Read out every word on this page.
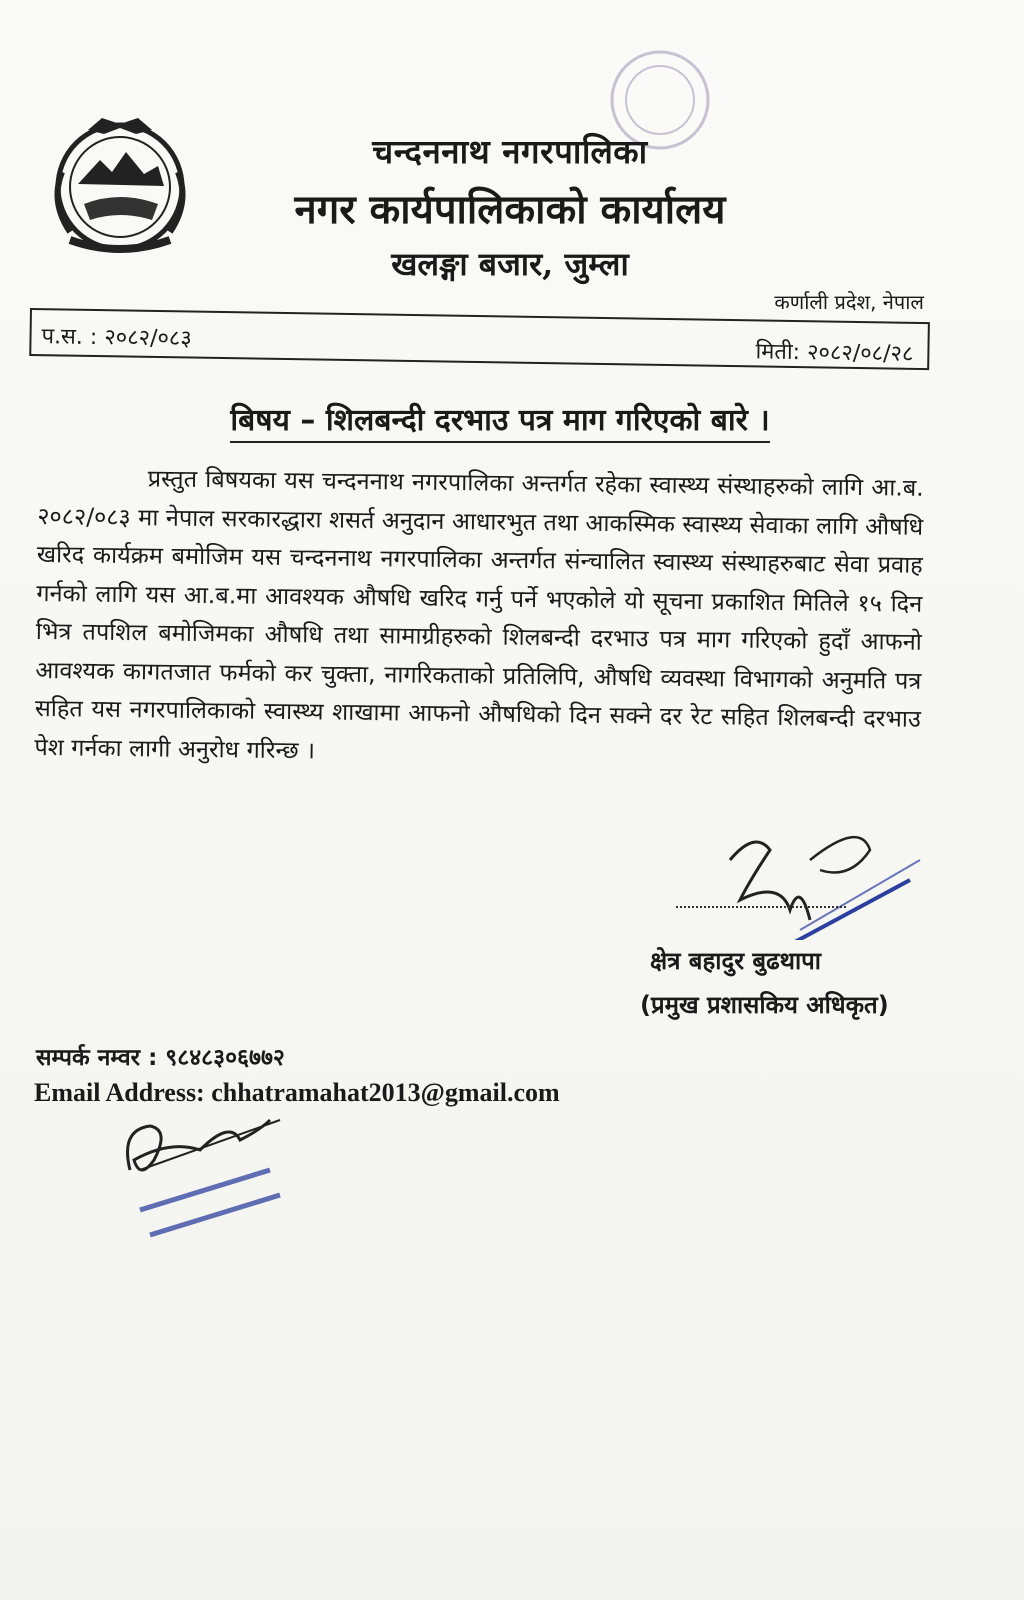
चन्दननाथ नगरपालिका
नगर कार्यपालिकाको कार्यालय
खलङ्गा बजार, जुम्ला
कर्णाली प्रदेश, नेपाल
प.स. : २०८२/०८३
मिती: २०८२/०८/२८
बिषय – शिलबन्दी दरभाउ पत्र माग गरिएको बारे ।
प्रस्तुत बिषयका यस चन्दननाथ नगरपालिका अन्तर्गत रहेका स्वास्थ्य संस्थाहरुको लागि आ.ब. २०८२/०८३ मा नेपाल सरकारद्धारा शसर्त अनुदान आधारभुत तथा आकस्मिक स्वास्थ्य सेवाका लागि औषधि खरिद कार्यक्रम बमोजिम यस चन्दननाथ नगरपालिका अन्तर्गत संन्चालित स्वास्थ्य संस्थाहरुबाट सेवा प्रवाह गर्नको लागि यस आ.ब.मा आवश्यक औषधि खरिद गर्नु पर्ने भएकोले यो सूचना प्रकाशित मितिले १५ दिन भित्र तपशिल बमोजिमका औषधि तथा सामाग्रीहरुको शिलबन्दी दरभाउ पत्र माग गरिएको हुदाँ आफनो आवश्यक कागतजात फर्मको कर चुक्ता, नागरिकताको प्रतिलिपि, औषधि व्यवस्था विभागको अनुमति पत्र सहित यस नगरपालिकाको स्वास्थ्य शाखामा आफनो औषधिको दिन सक्ने दर रेट सहित शिलबन्दी दरभाउ पेश गर्नका लागी अनुरोध गरिन्छ ।
क्षेत्र बहादुर बुढथापा
(प्रमुख प्रशासकिय अधिकृत)
सम्पर्क नम्वर : ९८४८३०६७७२
Email Address: chhatramahat2013@gmail.com
